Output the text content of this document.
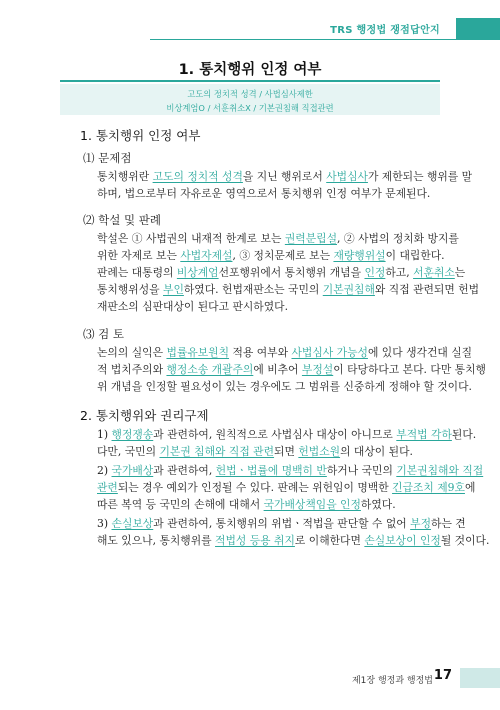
TRS 행정법 쟁점답안지
1. 통치행위 인정 여부
고도의 정치적 성격 / 사법심사제한
비상계엄O / 서훈취소X / 기본권침해 직접관련
1. 통치행위 인정 여부
⑴ 문제점

통치행위란 고도의 정치적 성격을 지닌 행위로서 사법심사가 제한되는 행위를 말

하며, 법으로부터 자유로운 영역으로서 통치행위 인정 여부가 문제된다.

⑵ 학설 및 판례

학설은 ① 사법권의 내재적 한계로 보는 권력분립설, ② 사법의 정치화 방지를

위한 자제로 보는 사법자제설, ③ 정치문제로 보는 재량행위설이 대립한다.

판례는 대통령의 비상계엄선포행위에서 통치행위 개념을 인정하고, 서훈취소는

통치행위성을 부인하였다. 헌법재판소는 국민의 기본권침해와 직접 관련되면 헌법

재판소의 심판대상이 된다고 판시하였다.

⑶ 검 토

논의의 실익은 법률유보원칙 적용 여부와 사법심사 가능성에 있다 생각건대 실질

적 법치주의와 행정소송 개괄주의에 비추어 부정설이 타당하다고 본다. 다만 통치행

위 개념을 인정할 필요성이 있는 경우에도 그 범위를 신중하게 정해야 할 것이다.

2. 통치행위와 권리구제

1) 행정쟁송과 관련하여, 원칙적으로 사법심사 대상이 아니므로 부적법 각하된다.

다만, 국민의 기본권 침해와 직접 관련되면 헌법소원의 대상이 된다.

2) 국가배상과 관련하여, 헌법ㆍ법률에 명백히 반하거나 국민의 기본권침해와 직접

관련되는 경우 예외가 인정될 수 있다. 판례는 위헌임이 명백한 긴급조치 제9호에

따른 복역 등 국민의 손해에 대해서 국가배상책임을 인정하였다.

3) 손실보상과 관련하여, 통치행위의 위법ㆍ적법을 판단할 수 없어 부정하는 견

해도 있으나, 통치행위를 적법성 등용 취지로 이해한다면 손실보상이 인정될 것이다.

제1장 행정과 행정법 17
